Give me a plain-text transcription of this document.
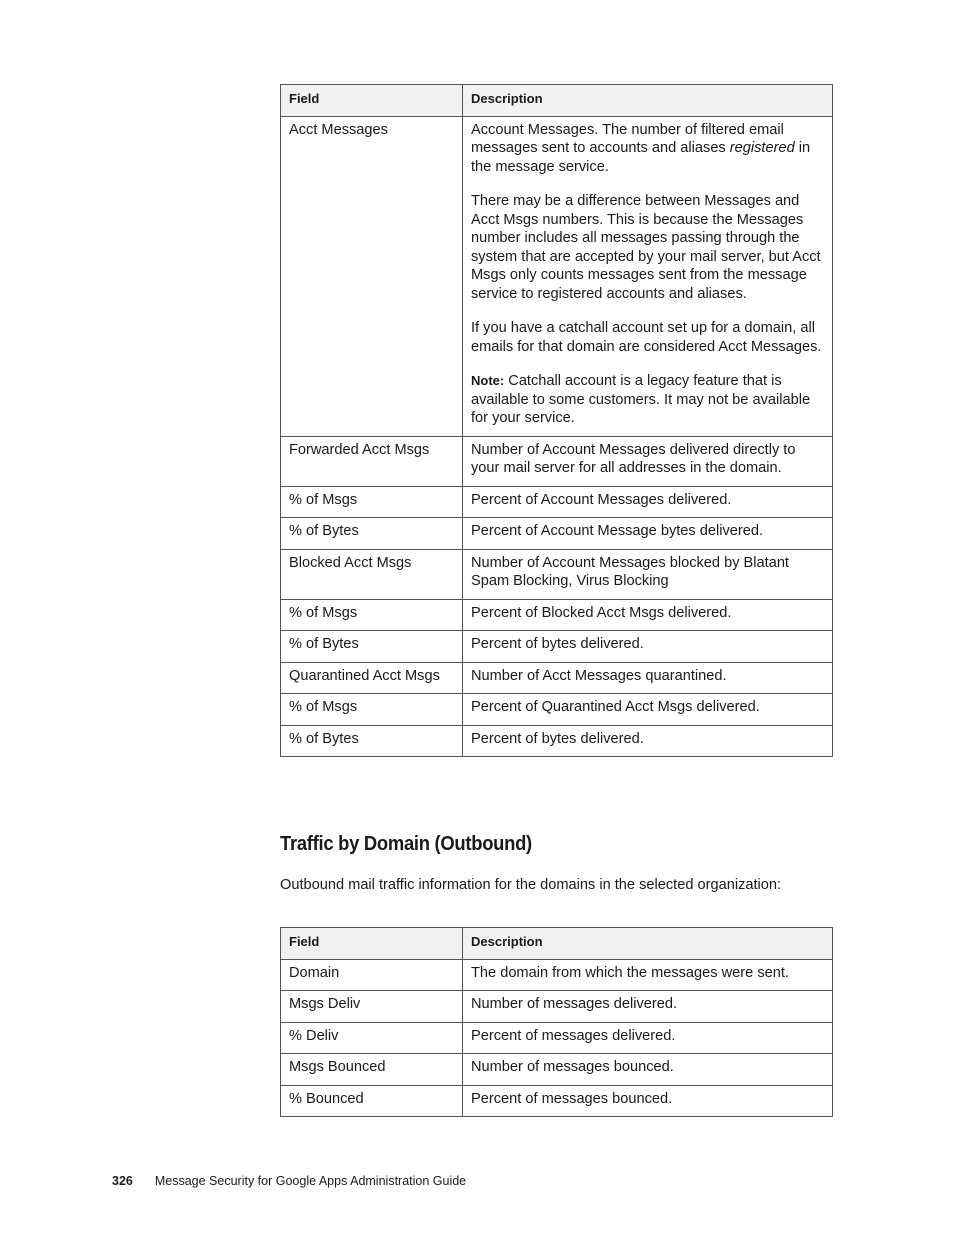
Field	Description
Acct Messages	Account Messages. The number of filtered email messages sent to accounts and aliases registered in the message service.

There may be a difference between Messages and Acct Msgs numbers. This is because the Messages number includes all messages passing through the system that are accepted by your mail server, but Acct Msgs only counts messages sent from the message service to registered accounts and aliases.

If you have a catchall account set up for a domain, all emails for that domain are considered Acct Messages.

Note: Catchall account is a legacy feature that is available to some customers. It may not be available for your service.

Forwarded Acct Msgs	Number of Account Messages delivered directly to your mail server for all addresses in the domain.
% of Msgs	Percent of Account Messages delivered.
% of Bytes	Percent of Account Message bytes delivered.
Blocked Acct Msgs	Number of Account Messages blocked by Blatant Spam Blocking, Virus Blocking
% of Msgs	Percent of Blocked Acct Msgs delivered.
% of Bytes	Percent of bytes delivered.
Quarantined Acct Msgs	Number of Acct Messages quarantined.
% of Msgs	Percent of Quarantined Acct Msgs delivered.
% of Bytes	Percent of bytes delivered.
Traffic by Domain (Outbound)

Outbound mail traffic information for the domains in the selected organization:

Field	Description
Domain	The domain from which the messages were sent.
Msgs Deliv	Number of messages delivered.
% Deliv	Percent of messages delivered.
Msgs Bounced	Number of messages bounced.
% Bounced	Percent of messages bounced.
326 Message Security for Google Apps Administration Guide
